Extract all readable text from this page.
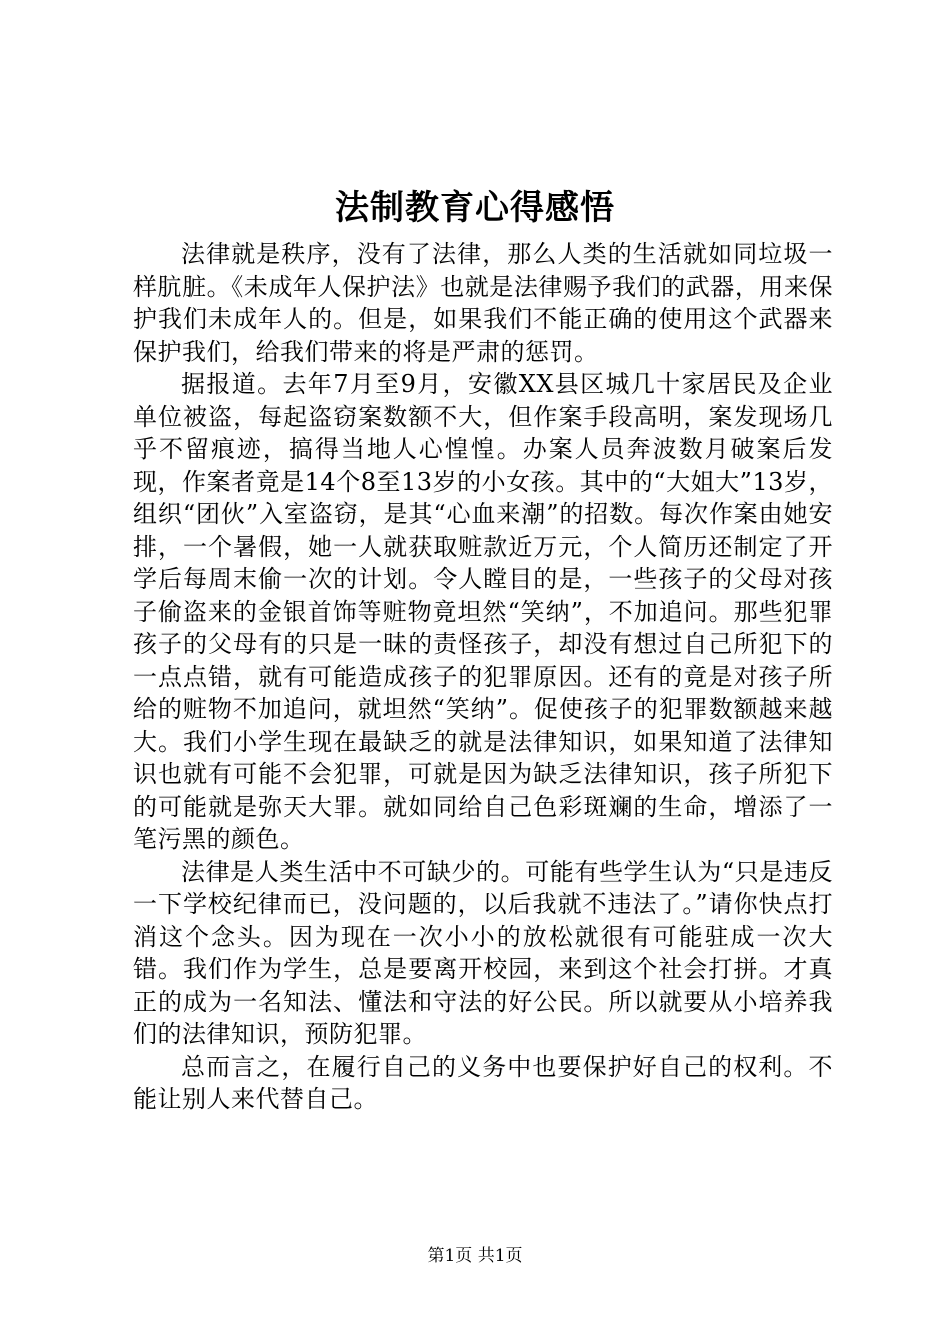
法制教育心得感悟

法律就是秩序，没有了法律，那么人类的生活就如同垃圾一样肮脏。《未成年人保护法》也就是法律赐予我们的武器，用来保护我们未成年人的。但是，如果我们不能正确的使用这个武器来保护我们，给我们带来的将是严肃的惩罚。

据报道。去年7月至9月，安徽XX县区城几十家居民及企业单位被盗，每起盗窃案数额不大，但作案手段高明，案发现场几乎不留痕迹，搞得当地人心惶惶。办案人员奔波数月破案后发现，作案者竟是14个8至13岁的小女孩。其中的“大姐大”13岁，组织“团伙”入室盗窃，是其“心血来潮”的招数。每次作案由她安排，一个暑假，她一人就获取赃款近万元，个人简历还制定了开学后每周末偷一次的计划。令人瞠目的是，一些孩子的父母对孩子偷盗来的金银首饰等赃物竟坦然“笑纳”，不加追问。那些犯罪孩子的父母有的只是一昧的责怪孩子，却没有想过自己所犯下的一点点错，就有可能造成孩子的犯罪原因。还有的竟是对孩子所给的赃物不加追问，就坦然“笑纳”。促使孩子的犯罪数额越来越大。我们小学生现在最缺乏的就是法律知识，如果知道了法律知识也就有可能不会犯罪，可就是因为缺乏法律知识，孩子所犯下的可能就是弥天大罪。就如同给自己色彩斑斓的生命，增添了一笔污黑的颜色。

法律是人类生活中不可缺少的。可能有些学生认为“只是违反一下学校纪律而已，没问题的，以后我就不违法了。”请你快点打消这个念头。因为现在一次小小的放松就很有可能驻成一次大错。我们作为学生，总是要离开校园，来到这个社会打拼。才真正的成为一名知法、懂法和守法的好公民。所以就要从小培养我们的法律知识，预防犯罪。

总而言之，在履行自己的义务中也要保护好自己的权利。不能让别人来代替自己。

第1页 共1页
